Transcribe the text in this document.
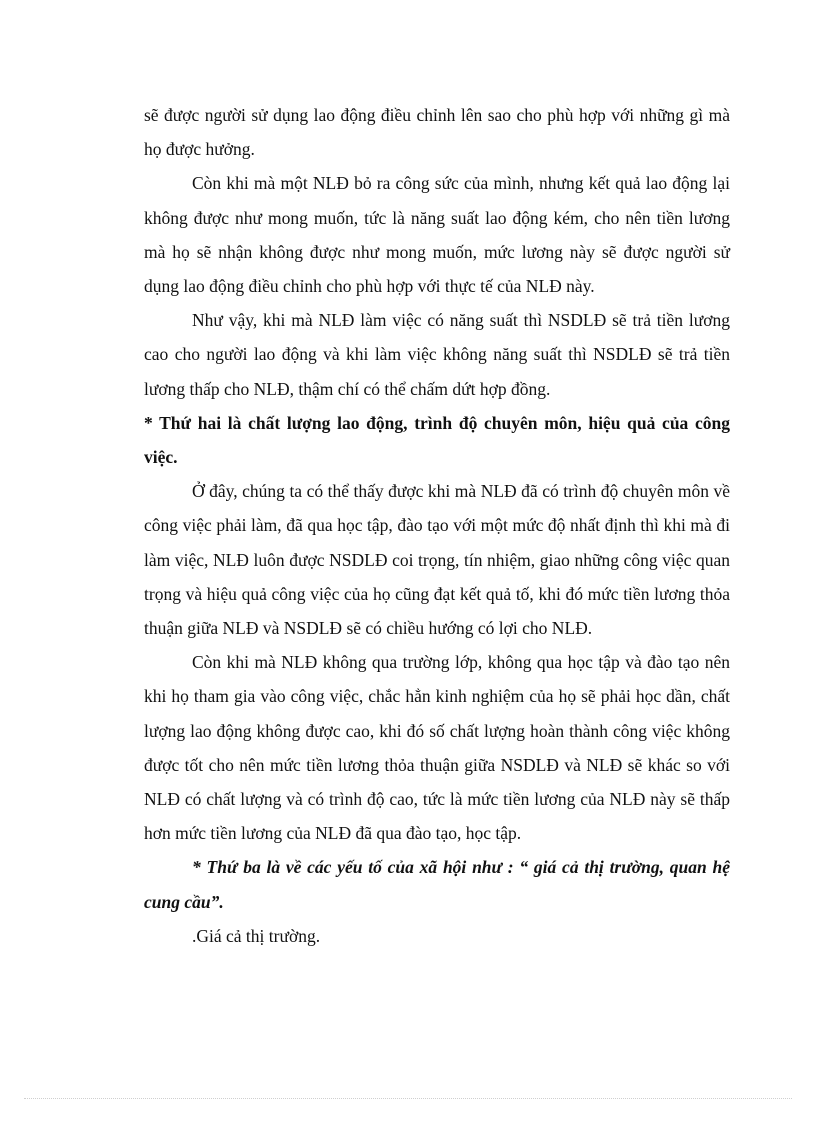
sẽ được người sử dụng lao động điều chỉnh lên sao cho phù hợp với những gì mà họ được hưởng.

Còn khi mà một NLĐ bỏ ra công sức của mình, nhưng kết quả lao động lại không được như mong muốn, tức là năng suất lao động kém, cho nên tiền lương mà họ sẽ nhận không được như mong muốn, mức lương này sẽ được người sử dụng lao động điều chỉnh cho phù hợp với thực tế của NLĐ này.

Như vậy, khi mà NLĐ làm việc có năng suất thì NSDLĐ sẽ trả tiền lương cao cho người lao động và khi làm việc không năng suất thì NSDLĐ sẽ trả tiền lương thấp cho NLĐ, thậm chí có thể chấm dứt hợp đồng.

* Thứ hai là chất lượng lao động, trình độ chuyên môn, hiệu quả của công việc.

Ở đây, chúng ta có thể thấy được khi mà NLĐ đã có trình độ chuyên môn về công việc phải làm, đã qua học tập, đào tạo với một mức độ nhất định thì khi mà đi làm việc, NLĐ luôn được NSDLĐ coi trọng, tín nhiệm, giao những công việc quan trọng và hiệu quả công việc của họ cũng đạt kết quả tố, khi đó mức tiền lương thỏa thuận giữa NLĐ và NSDLĐ sẽ có chiều hướng có lợi cho NLĐ.

Còn khi mà NLĐ không qua trường lớp, không qua học tập và đào tạo nên khi họ tham gia vào công việc, chắc hẳn kinh nghiệm của họ sẽ phải học dần, chất lượng lao động không được cao, khi đó số chất lượng hoàn thành công việc không được tốt cho nên mức tiền lương thỏa thuận giữa NSDLĐ và NLĐ sẽ khác so với NLĐ có chất lượng và có trình độ cao, tức là mức tiền lương của NLĐ này sẽ thấp hơn mức tiền lương của NLĐ đã qua đào tạo, học tập.

* Thứ ba là về các yếu tố của xã hội như : “ giá cả thị trường, quan hệ cung cầu”.

.Giá cả thị trường.
